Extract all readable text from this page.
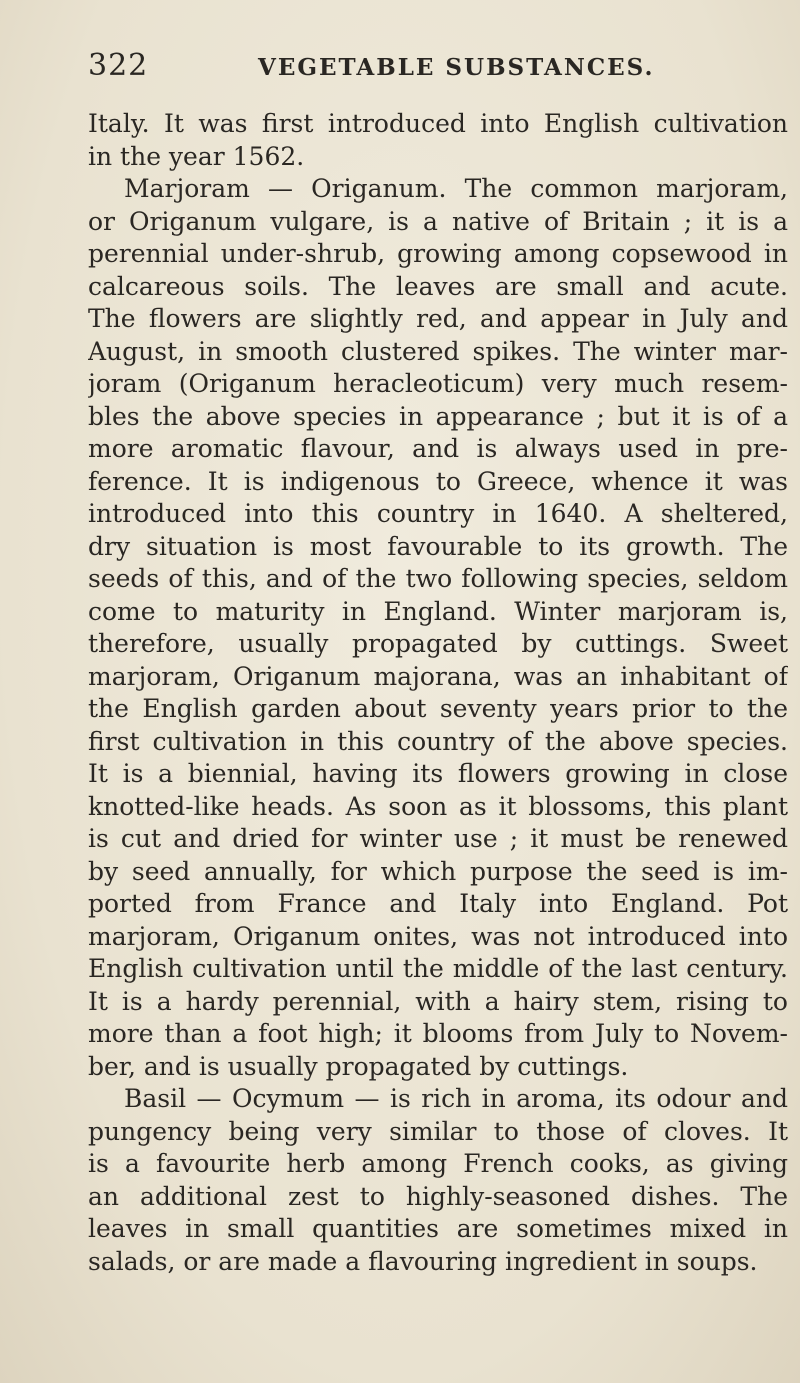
322	VEGETABLE SUBSTANCES.
Italy. It was first introduced into English cultivation
in the year 1562.
Marjoram — Origanum. The common marjoram,
or Origanum vulgare, is a native of Britain ; it is a
perennial under-shrub, growing among copsewood in
calcareous soils. The leaves are small and acute.
The flowers are slightly red, and appear in July and
August, in smooth clustered spikes. The winter mar-
joram (Origanum heracleoticum) very much resem-
bles the above species in appearance ; but it is of a
more aromatic flavour, and is always used in pre-
ference. It is indigenous to Greece, whence it was
introduced into this country in 1640. A sheltered,
dry situation is most favourable to its growth. The
seeds of this, and of the two following species, seldom
come to maturity in England. Winter marjoram is,
therefore, usually propagated by cuttings. Sweet
marjoram, Origanum majorana, was an inhabitant of
the English garden about seventy years prior to the
first cultivation in this country of the above species.
It is a biennial, having its flowers growing in close
knotted-like heads. As soon as it blossoms, this plant
is cut and dried for winter use ; it must be renewed
by seed annually, for which purpose the seed is im-
ported from France and Italy into England. Pot
marjoram, Origanum onites, was not introduced into
English cultivation until the middle of the last century.
It is a hardy perennial, with a hairy stem, rising to
more than a foot high; it blooms from July to Novem-
ber, and is usually propagated by cuttings.
Basil — Ocymum — is rich in aroma, its odour and
pungency being very similar to those of cloves. It
is a favourite herb among French cooks, as giving
an additional zest to highly-seasoned dishes. The
leaves in small quantities are sometimes mixed in
salads, or are made a flavouring ingredient in soups.
